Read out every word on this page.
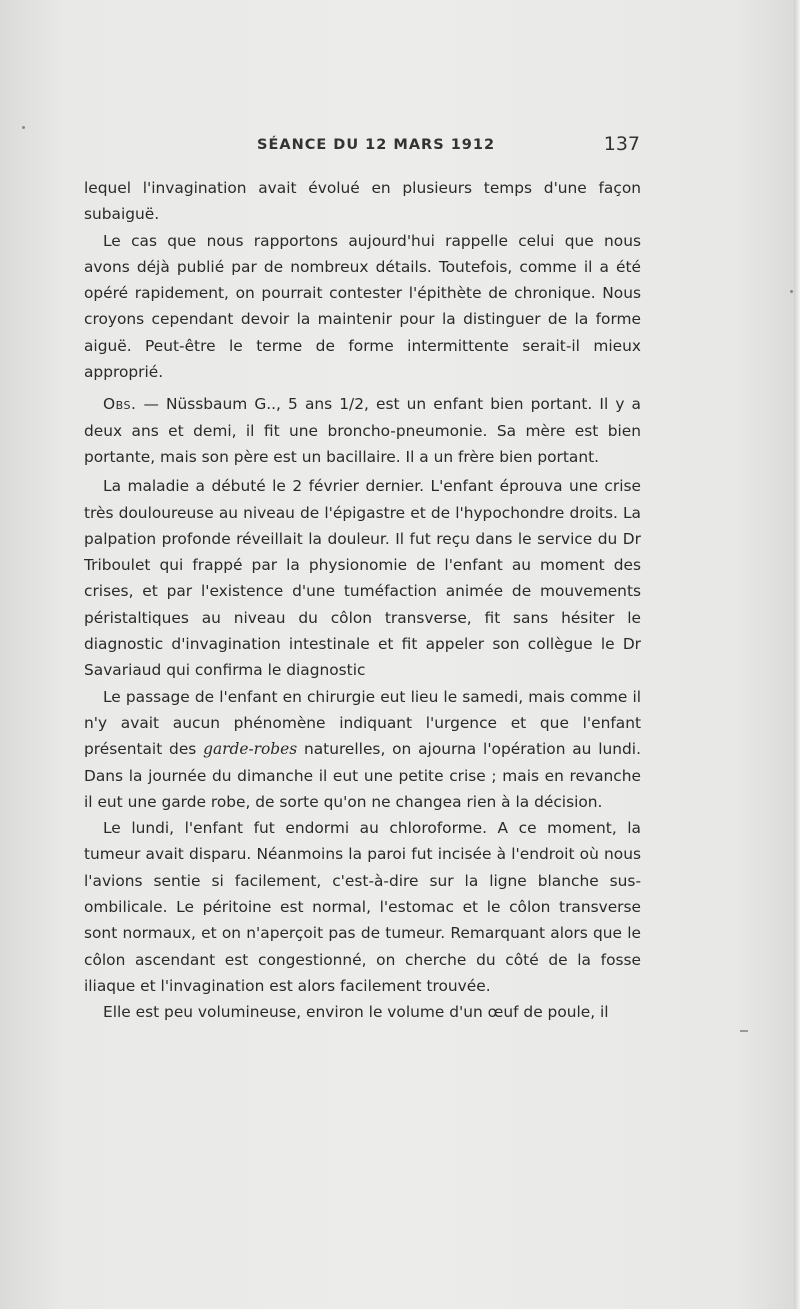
SÉANCE DU 12 MARS 1912	137

lequel l'invagination avait évolué en plusieurs temps d'une façon subaiguë.

Le cas que nous rapportons aujourd'hui rappelle celui que nous avons déjà publié par de nombreux détails. Toutefois, comme il a été opéré rapidement, on pourrait contester l'épithète de chronique. Nous croyons cependant devoir la maintenir pour la distinguer de la forme aiguë. Peut-être le terme de forme intermittente serait-il mieux approprié.

Obs. — Nüssbaum G.., 5 ans 1/2, est un enfant bien portant. Il y a deux ans et demi, il fit une broncho-pneumonie. Sa mère est bien portante, mais son père est un bacillaire. Il a un frère bien portant.

La maladie a débuté le 2 février dernier. L'enfant éprouva une crise très douloureuse au niveau de l'épigastre et de l'hypochondre droits. La palpation profonde réveillait la douleur. Il fut reçu dans le service du Dr Triboulet qui frappé par la physionomie de l'enfant au moment des crises, et par l'existence d'une tuméfaction animée de mouvements péristaltiques au niveau du côlon transverse, fit sans hésiter le diagnostic d'invagination intestinale et fit appeler son collègue le Dr Savariaud qui confirma le diagnostic

Le passage de l'enfant en chirurgie eut lieu le samedi, mais comme il n'y avait aucun phénomène indiquant l'urgence et que l'enfant présentait des garde-robes naturelles, on ajourna l'opération au lundi. Dans la journée du dimanche il eut une petite crise ; mais en revanche il eut une garde robe, de sorte qu'on ne changea rien à la décision.

Le lundi, l'enfant fut endormi au chloroforme. A ce moment, la tumeur avait disparu. Néanmoins la paroi fut incisée à l'endroit où nous l'avions sentie si facilement, c'est-à-dire sur la ligne blanche sus-ombilicale. Le péritoine est normal, l'estomac et le côlon transverse sont normaux, et on n'aperçoit pas de tumeur. Remarquant alors que le côlon ascendant est congestionné, on cherche du côté de la fosse iliaque et l'invagination est alors facilement trouvée.

Elle est peu volumineuse, environ le volume d'un œuf de poule, il
